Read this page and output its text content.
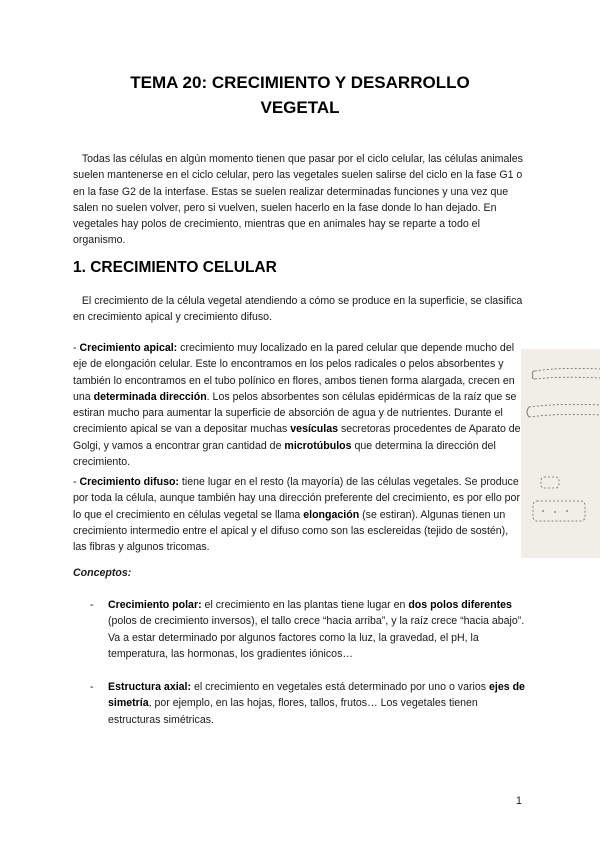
TEMA 20: CRECIMIENTO Y DESARROLLO
VEGETAL

Todas las células en algún momento tienen que pasar por el ciclo celular, las células animales suelen mantenerse en el ciclo celular, pero las vegetales suelen salirse del ciclo en la fase G1 o en la fase G2 de la interfase. Estas se suelen realizar determinadas funciones y una vez que salen no suelen volver, pero si vuelven, suelen hacerlo en la fase donde lo han dejado. En vegetales hay polos de crecimiento, mientras que en animales hay se reparte a todo el organismo.

1. CRECIMIENTO CELULAR

El crecimiento de la célula vegetal atendiendo a cómo se produce en la superficie, se clasifica en crecimiento apical y crecimiento difuso.

- Crecimiento apical: crecimiento muy localizado en la pared celular que depende mucho del eje de elongación celular. Este lo encontramos en los pelos radicales o pelos absorbentes y también lo encontramos en el tubo polínico en flores, ambos tienen forma alargada, crecen en una determinada dirección. Los pelos absorbentes son células epidérmicas de la raíz que se estiran mucho para aumentar la superficie de absorción de agua y de nutrientes. Durante el crecimiento apical se van a depositar muchas vesículas secretoras procedentes de Aparato de Golgi, y vamos a encontrar gran cantidad de microtúbulos que determina la dirección del crecimiento.

- Crecimiento difuso: tiene lugar en el resto (la mayoría) de las células vegetales. Se produce por toda la célula, aunque también hay una dirección preferente del crecimiento, es por ello por lo que el crecimiento en células vegetal se llama elongación (se estiran). Algunas tienen un crecimiento intermedio entre el apical y el difuso como son las esclereidas (tejido de sostén), las fibras y algunos tricomas.

Conceptos:
- Crecimiento polar: el crecimiento en las plantas tiene lugar en dos polos diferentes (polos de crecimiento inversos), el tallo crece “hacia arriba”, y la raíz crece “hacia abajo”. Va a estar determinado por algunos factores como la luz, la gravedad, el pH, la temperatura, las hormonas, los gradientes iónicos…
- Estructura axial: el crecimiento en vegetales está determinado por uno o varios ejes de simetría, por ejemplo, en las hojas, flores, tallos, frutos… Los vegetales tienen estructuras simétricas.
1
